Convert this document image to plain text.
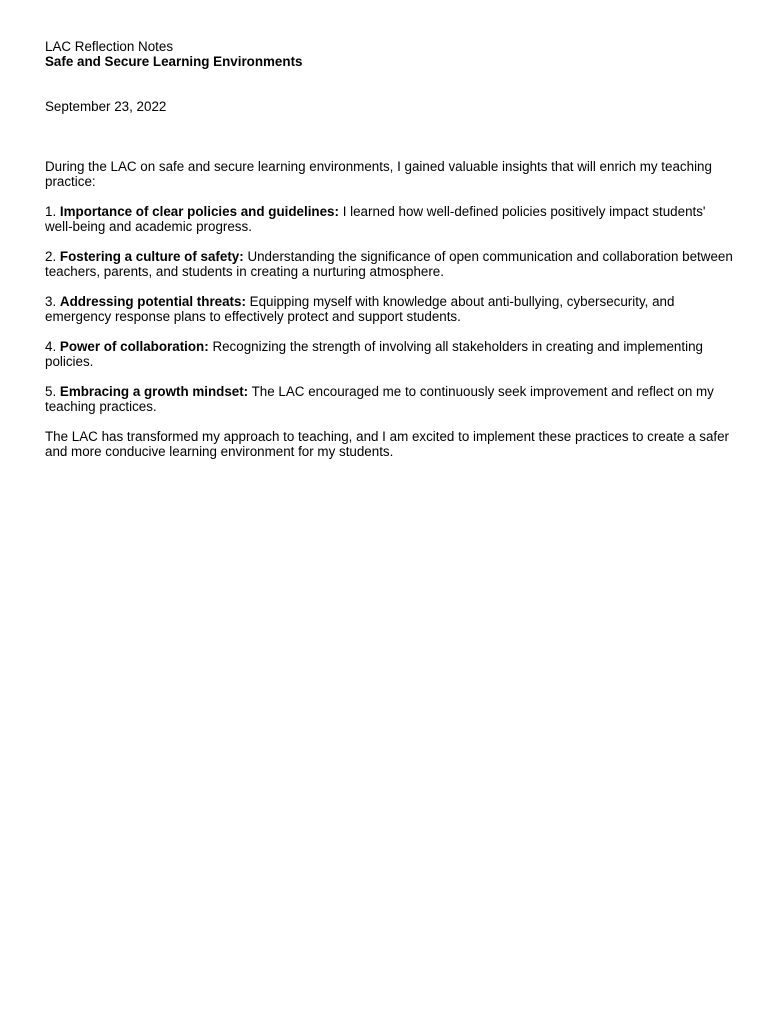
LAC Reflection Notes

Safe and Secure Learning Environments

September 23, 2022

During the LAC on safe and secure learning environments, I gained valuable insights that will enrich my teaching practice:

1. Importance of clear policies and guidelines: I learned how well-defined policies positively impact students' well-being and academic progress.

2. Fostering a culture of safety: Understanding the significance of open communication and collaboration between teachers, parents, and students in creating a nurturing atmosphere.

3. Addressing potential threats: Equipping myself with knowledge about anti-bullying, cybersecurity, and emergency response plans to effectively protect and support students.

4. Power of collaboration: Recognizing the strength of involving all stakeholders in creating and implementing policies.

5. Embracing a growth mindset: The LAC encouraged me to continuously seek improvement and reflect on my teaching practices.

The LAC has transformed my approach to teaching, and I am excited to implement these practices to create a safer and more conducive learning environment for my students.
